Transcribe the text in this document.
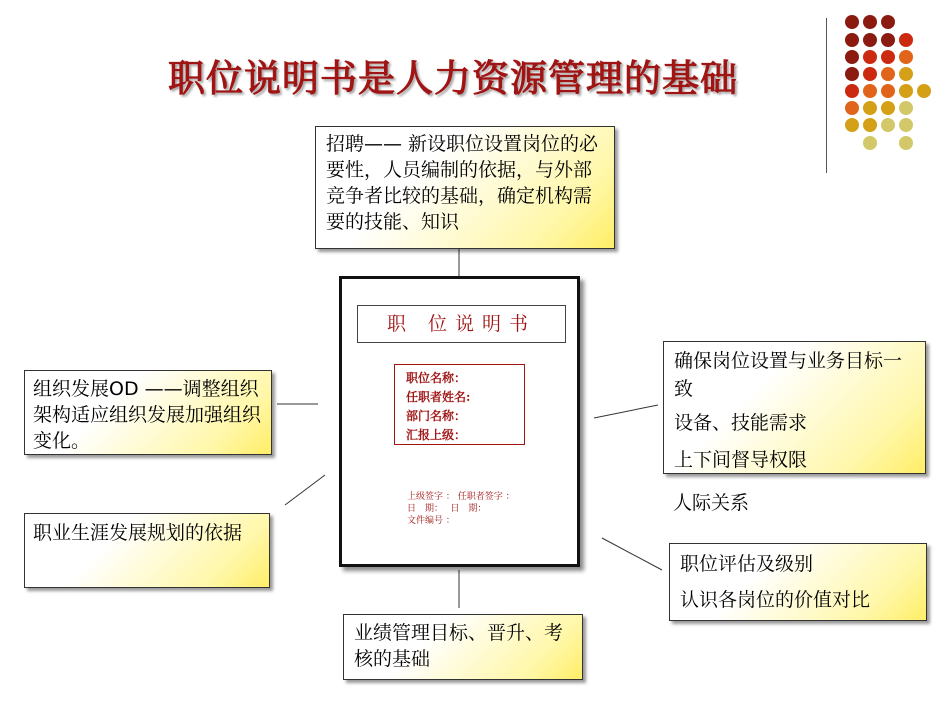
职位说明书是人力资源管理的基础

招聘—— 新设职位设置岗位的必要性，人员编制的依据，与外部竞争者比较的基础，确定机构需要的技能、知识

组织发展OD ——调整组织架构适应组织发展加强组织变化。

职业生涯发展规划的依据

业绩管理目标、晋升、考核的基础

确保岗位设置与业务目标一致

设备、技能需求

上下间督导权限

人际关系

职位评估及级别

认识各岗位的价值对比

职 位说明书
职位名称：
任职者姓名:
部门名称：
汇报上级：
上级签字 ： 任职者签字 ：
日　期：　 日　期：
文件编号 ：
